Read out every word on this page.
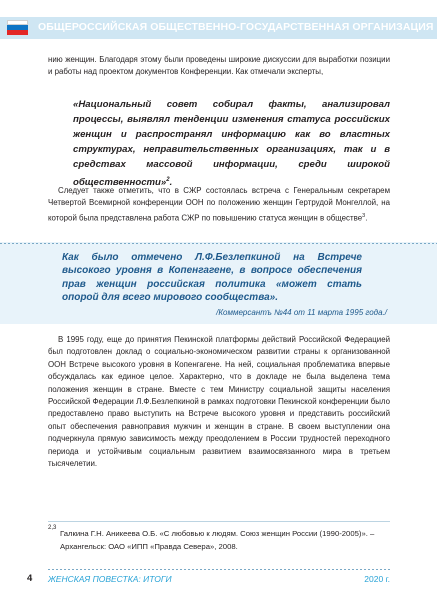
ОБЩЕРОССИЙСКАЯ ОБЩЕСТВЕННО-ГОСУДАРСТВЕННАЯ ОРГАНИЗАЦИЯ

нию женщин. Благодаря этому были проведены широкие дискуссии для выработки позиции и работы над проектом документов Конференции. Как отмечали эксперты,

«Национальный совет собирал факты, анализировал процессы, выявлял тенденции изменения статуса российских женщин и распространял информацию как во властных структурах, неправительственных организациях, так и в средствах массовой информации, среди широкой общественности»$^2$.

Следует также отметить, что в СЖР состоялась встреча с Генеральным секретарем Четвертой Всемирной конференции ООН по положению женщин Гертрудой Монгеллой, на которой была представлена работа СЖР по повышению статуса женщин в обществе$^3$.

Как было отмечено Л.Ф.Безлепкиной на Встрече высокого уровня в Копенгагене, в вопросе обеспечения прав женщин российская политика «может стать опорой для всего мирового сообщества».

/Коммерсантъ №44 от 11 марта 1995 года./

В 1995 году, еще до принятия Пекинской платформы действий Российской Федерацией был подготовлен доклад о социально-экономическом развитии страны к организованной ООН Встрече высокого уровня в Копенгагене. На ней, социальная проблематика впервые обсуждалась как единое целое. Характерно, что в докладе не была выделена тема положения женщин в стране. Вместе с тем Министру социальной защиты населения Российской Федерации Л.Ф.Безлепкиной в рамках подготовки Пекинской конференции было предоставлено право выступить на Встрече высокого уровня и представить российский опыт обеспечения равноправия мужчин и женщин в стране. В своем выступлении она подчеркнула прямую зависимость между преодолением в России трудностей переходного периода и устойчивым социальным развитием взаимосвязанного мира в третьем тысячелетии.

2,3

Галкина Г.Н. Аникеева О.Б. «С любовью к людям. Союз женщин России (1990-2005)». – Архангельск: ОАО «ИПП «Правда Севера», 2008.

4 ЖЕНСКАЯ ПОВЕСТКА: ИТОГИ	2020 г.
